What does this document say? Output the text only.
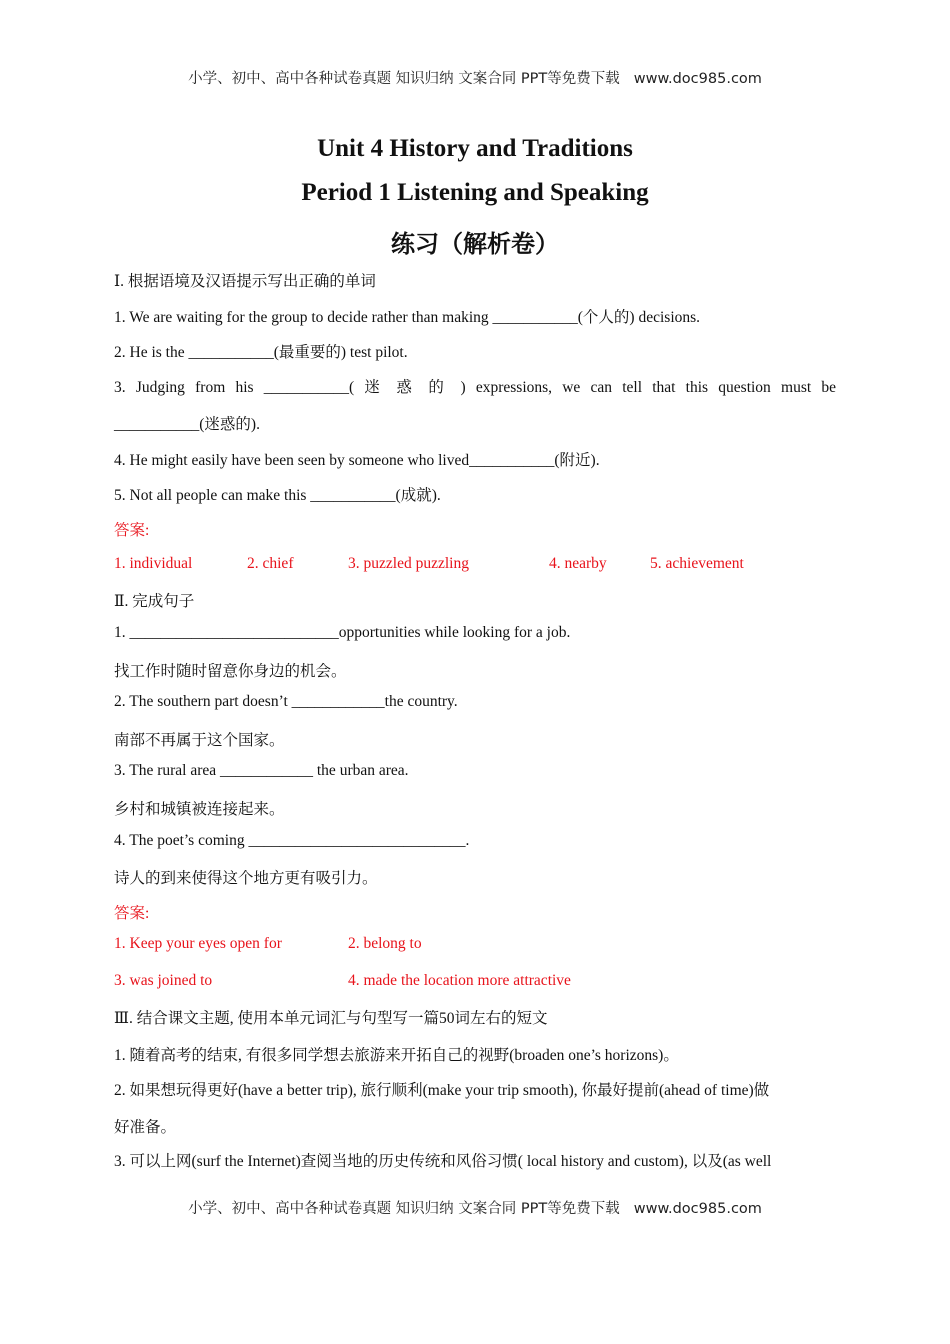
小学、初中、高中各种试卷真题 知识归纳 文案合同 PPT等免费下载 www.doc985.com
Unit 4 History and Traditions
Period 1 Listening and Speaking
练习（解析卷）
Ⅰ. 根据语境及汉语提示写出正确的单词
1. We are waiting for the group to decide rather than making ___________(个人的) decisions.
2. He is the ___________(最重要的) test pilot.
3. Judging from his ___________( 迷 惑 的 ) expressions, we can tell that this question must be
___________(迷惑的).
4. He might easily have been seen by someone who lived___________(附近).
5. Not all people can make this ___________(成就).
答案:
1. individual	2. chief	3. puzzled puzzling	4. nearby	5. achievement
Ⅱ. 完成句子
1. ___________________________opportunities while looking for a job.
找工作时随时留意你身边的机会。
2. The southern part doesn’t ____________the country.
南部不再属于这个国家。
3. The rural area ____________ the urban area.
乡村和城镇被连接起来。
4. The poet’s coming ____________________________.
诗人的到来使得这个地方更有吸引力。
答案:
1. Keep your eyes open for	2. belong to
3. was joined to	4. made the location more attractive
Ⅲ. 结合课文主题, 使用本单元词汇与句型写一篇50词左右的短文
1. 随着高考的结束, 有很多同学想去旅游来开拓自己的视野(broaden one’s horizons)。
2. 如果想玩得更好(have a better trip), 旅行顺利(make your trip smooth), 你最好提前(ahead of time)做
好准备。
3. 可以上网(surf the Internet)查阅当地的历史传统和风俗习惯( local history and custom), 以及(as well
小学、初中、高中各种试卷真题 知识归纳 文案合同 PPT等免费下载 www.doc985.com
